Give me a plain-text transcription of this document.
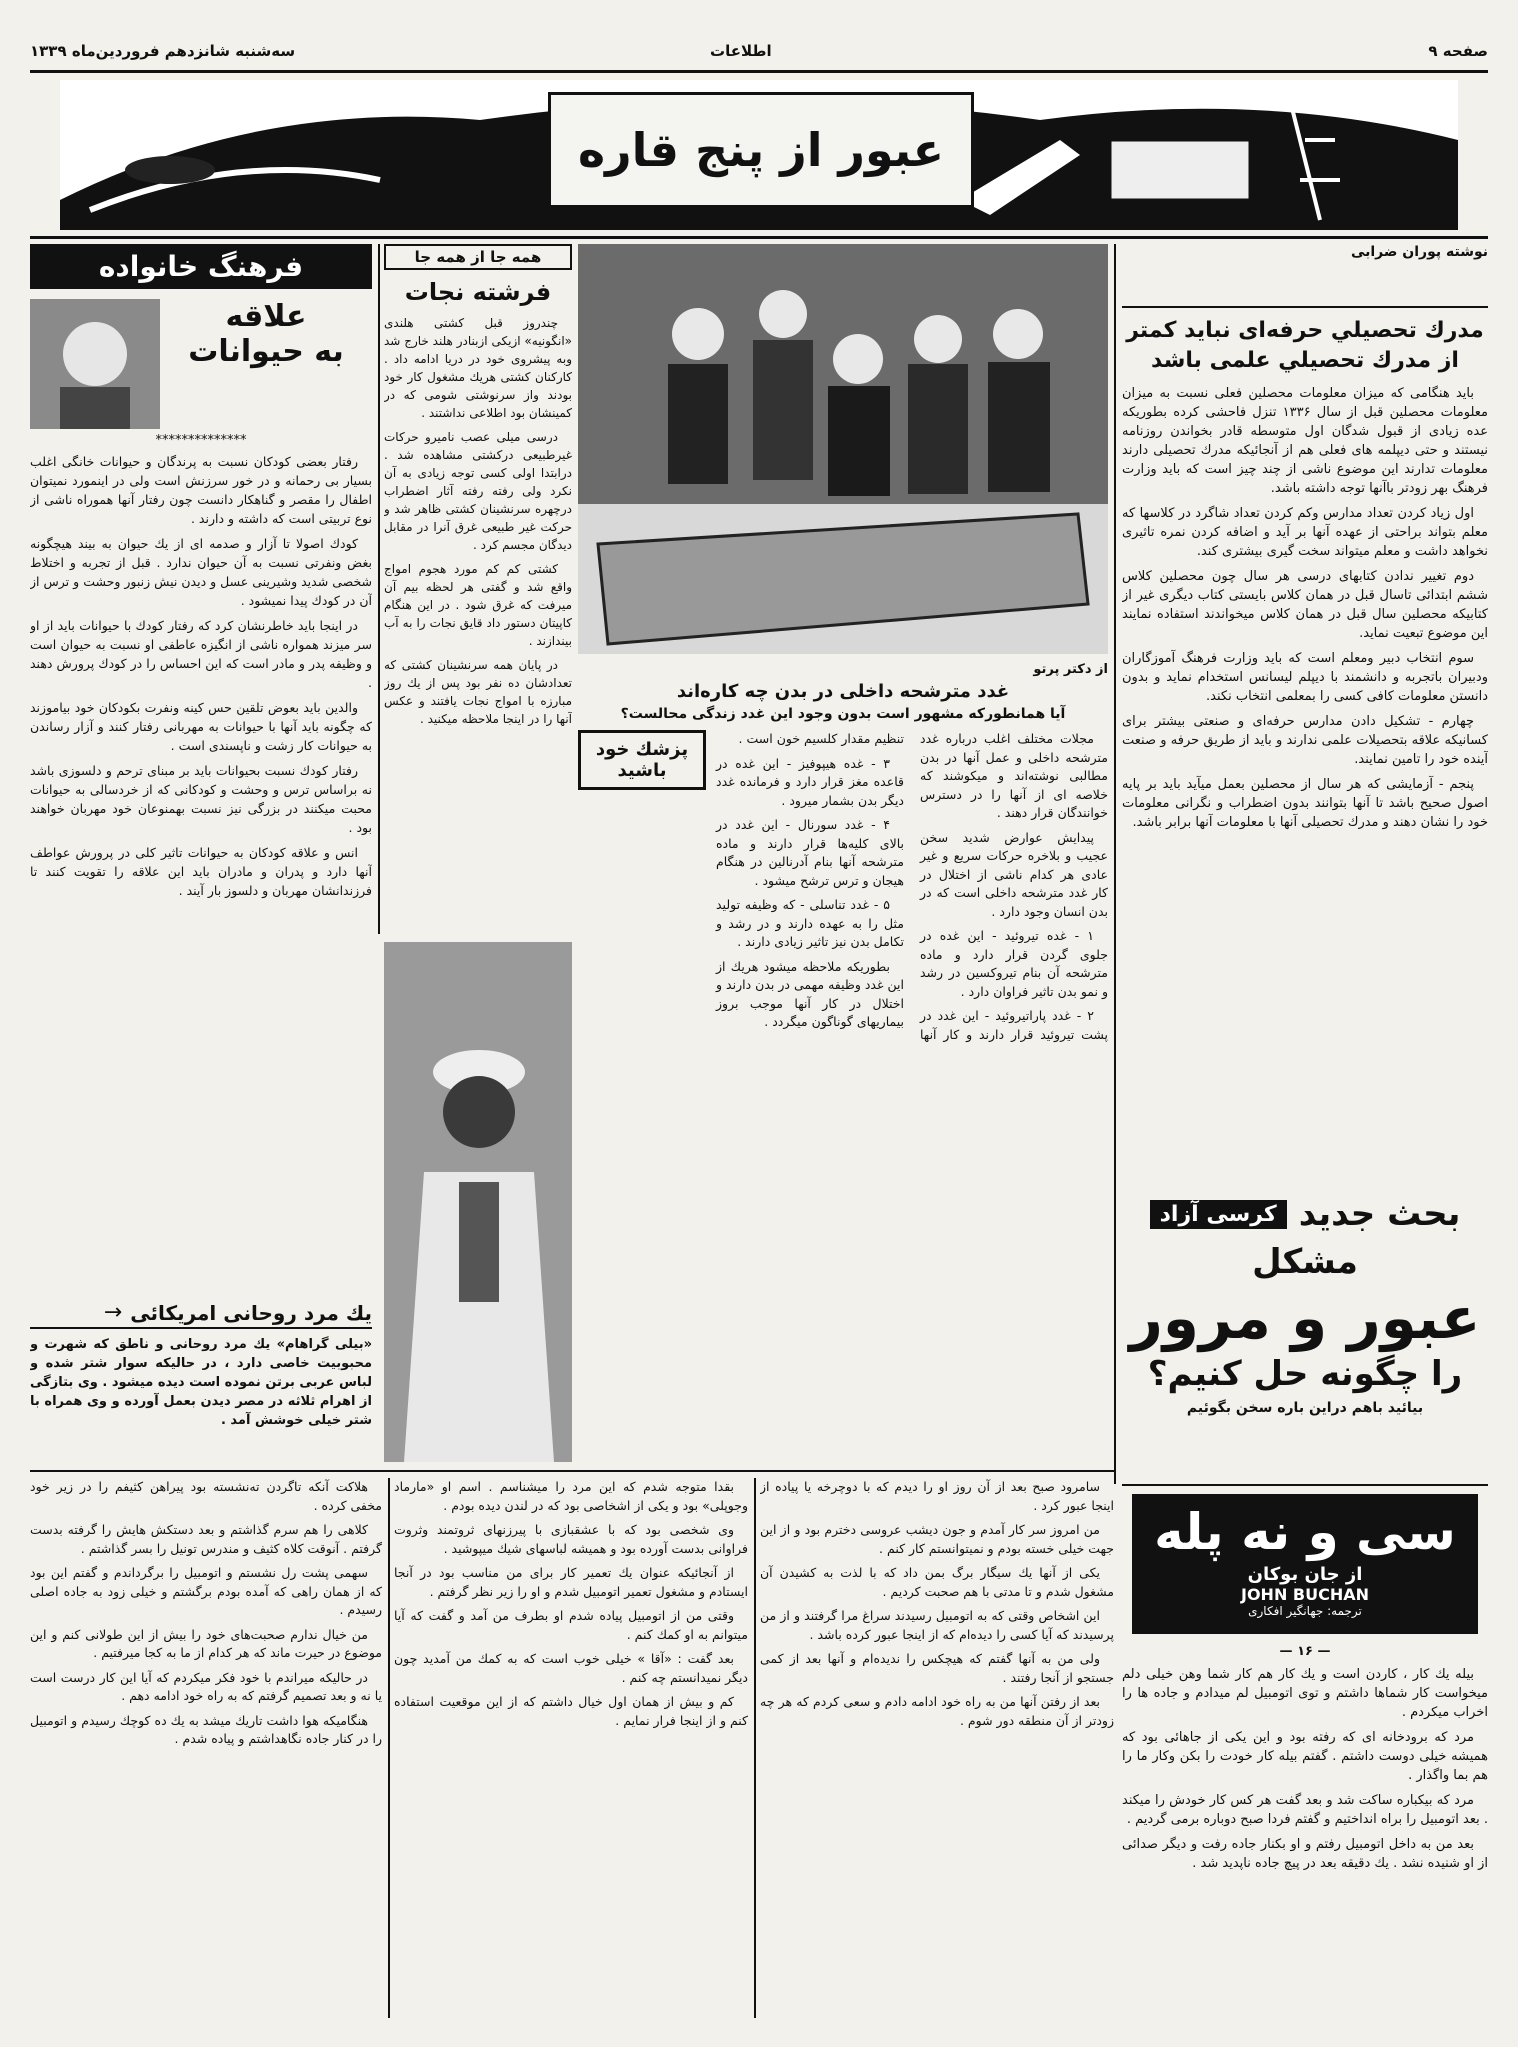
صفحه ۹
اطلاعات
سه‌شنبه شانزدهم فروردین‌ماه ۱۳۳۹
عبور از پنج قاره
نوشته پوران ضرابی
مدرك تحصيلي حرفه‌ای نبايد كمتر از مدرك تحصيلي علمی باشد

بايد هنگامی كه ميزان معلومات محصلين فعلی نسبت به ميزان معلومات محصلين قبل از سال ۱۳۳۶ تنزل فاحشی كرده بطوريكه عده زيادی از قبول شدگان اول متوسطه قادر بخواندن روزنامه نيستند و حتی ديپلمه های فعلی هم از آنجائيكه مدرك تحصيلی دارند معلومات تدارند اين موضوع ناشی از چند چيز است كه بايد وزارت فرهنگ بهر زودتر باآنها توجه داشته باشد.

اول زياد كردن تعداد مدارس وكم كردن تعداد شاگرد در كلاسها كه معلم بتواند براحتی از عهده آنها بر آيد و اضافه كردن نمره تاثيری نخواهد داشت و معلم ميتواند سخت گيری بيشتری كند.

دوم تغيير ندادن كتابهای درسی هر سال چون محصلين كلاس ششم ابتدائی تاسال قبل در همان كلاس بايستی كتاب ديگری غير از كتابيكه محصلين سال قبل در همان كلاس ميخواندند استفاده نمايند اين موضوع تبعيت نمايد.

سوم انتخاب دبير ومعلم است كه بايد وزارت فرهنگ آموزگاران ودبيران باتجربه و دانشمند با ديپلم ليسانس استخدام نمايد و بدون دانستن معلومات كافی كسی را بمعلمی انتخاب نكند.

چهارم - تشكيل دادن مدارس حرفه‌ای و صنعتی بيشتر برای كسانيكه علاقه بتحصيلات علمی ندارند و بايد از طريق حرفه و صنعت آينده خود را تامين نمايند.

پنجم - آزمايشی كه هر سال از محصلين بعمل ميآيد بايد بر پايه اصول صحيح باشد تا آنها بتوانند بدون اضطراب و نگرانی معلومات خود را نشان دهند و مدرك تحصيلی آنها با معلومات آنها برابر باشد.

بحث جديد
كرسی آزاد
مشكل
عبور و مرور
را چگونه حل كنيم؟
بيائيد باهم دراين باره سخن بگوئيم
سی و نه پله
از جان بوكان
JOHN BUCHAN
ترجمه: جهانگير افكاری
— ۱۶ —

بيله يك كار ، كاردن است و يك كار هم كار شما وهن خيلی دلم ميخواست كار شماها داشتم و توی اتومبيل لم ميدادم و جاده ها را اخراب ميكردم .

مرد كه برودخانه ای كه رفته بود و اين يكی از جاهائی بود كه هميشه خيلی دوست داشتم . گفتم بيله كار خودت را بكن وكار ما را هم بما واگذار .

مرد كه بيكباره ساكت شد و بعد گفت هر كس كار خودش را ميكند . بعد اتومبيل را براه انداختيم و گفتم فردا صبح دوباره برمی گرديم .

بعد من به داخل اتومبيل رفتم و او بكنار جاده رفت و ديگر صدائی از او شنيده نشد . يك دقيقه بعد در پيچ جاده ناپديد شد .

همه جا از همه جا
فرشته نجات

چندروز قبل كشتی هلندی «انگونيه» ازيكی ازبنادر هلند خارج شد وبه پيشروی خود در دريا ادامه داد . كاركنان كشتی هريك مشغول كار خود بودند واز سرنوشتی شومی كه در كمينشان بود اطلاعی نداشتند .

درسی ميلی عصب ناميرو حركات غيرطبيعی دركشتی مشاهده شد . درابتدا اولی كسی توجه زيادی به آن نكرد ولی رفته رفته آثار اضطراب درچهره سرنشينان كشتی ظاهر شد و حركت غير طبيعی غرق آنرا در مقابل ديدگان مجسم كرد .

كشتی كم كم مورد هجوم امواج واقع شد و گفتی هر لحظه بيم آن ميرفت كه غرق شود . در اين هنگام كاپيتان دستور داد قايق نجات را به آب بيندازند .

در پايان همه سرنشينان كشتی كه تعدادشان ده نفر بود پس از يك روز مبارزه با امواج نجات يافتند و عكس آنها را در اينجا ملاحظه ميكنيد .

فرهنگ خانواده
علاقه
به حيوانات
**************

رفتار بعضی كودكان نسبت به پرندگان و حيوانات خانگی اغلب بسيار بی رحمانه و در خور سرزنش است ولی در اينمورد نميتوان اطفال را مقصر و گناهكار دانست چون رفتار آنها هموراه ناشی از نوع تربيتی است كه داشته و دارند .

كودك اصولا تا آزار و صدمه ای از يك حيوان به بيند هيچگونه بغض ونفرتی نسبت به آن حيوان ندارد . قبل از تجربه و اختلاط شخصی شديد وشيرينی عسل و ديدن نيش زنبور وحشت و ترس از آن در كودك پيدا نميشود .

در اينجا بايد خاطرنشان كرد كه رفتار كودك با حيوانات بايد از او سر ميزند همواره ناشی از انگيزه عاطفی او نسبت به حيوان است و وظيفه پدر و مادر است كه اين احساس را در كودك پرورش دهند .

والدين بايد بعوض تلقين حس كينه ونفرت بكودكان خود بياموزند كه چگونه بايد آنها با حيوانات به مهربانی رفتار كنند و آزار رساندن به حيوانات كار زشت و ناپسندی است .

رفتار كودك نسبت بحيوانات بايد بر مبنای ترحم و دلسوزی باشد نه براساس ترس و وحشت و كودكانی كه از خردسالی به حيوانات محبت ميكنند در بزرگی نيز نسبت بهمنوعان خود مهربان خواهند بود .

انس و علاقه كودكان به حيوانات تاثير كلی در پرورش عواطف آنها دارد و پدران و مادران بايد اين علاقه را تقويت كنند تا فرزندانشان مهربان و دلسوز بار آيند .

از دكتر پرتو
غدد مترشحه داخلی در بدن چه كاره‌اند
آيا همانطوركه مشهور است بدون وجود اين غدد زندگی محالست؟
پزشك خود باشيد

مجلات مختلف اغلب درباره غدد مترشحه داخلی و عمل آنها در بدن مطالبی نوشته‌اند و ميكوشند كه خلاصه ای از آنها را در دسترس خوانندگان قرار دهند .

پيدايش عوارض شديد سخن عجيب و بلاخره حركات سريع و غير عادی هر كدام ناشی از اختلال در كار غدد مترشحه داخلی است كه در بدن انسان وجود دارد .

۱ - غده تيروئيد - اين غده در جلوی گردن قرار دارد و ماده مترشحه آن بنام تيروكسين در رشد و نمو بدن تاثير فراوان دارد .

۲ - غدد پاراتيروئيد - اين غدد در پشت تيروئيد قرار دارند و كار آنها تنظيم مقدار كلسيم خون است .

۳ - غده هيپوفيز - اين غده در قاعده مغز قرار دارد و فرمانده غدد ديگر بدن بشمار ميرود .

۴ - غدد سورنال - اين غدد در بالای كليه‌ها قرار دارند و ماده مترشحه آنها بنام آدرنالين در هنگام هيجان و ترس ترشح ميشود .

۵ - غدد تناسلی - كه وظيفه توليد مثل را به عهده دارند و در رشد و تكامل بدن نيز تاثير زيادی دارند .

بطوريكه ملاحظه ميشود هريك از اين غدد وظيفه مهمی در بدن دارند و اختلال در كار آنها موجب بروز بيماريهای گوناگون ميگردد .

يك مرد روحانی امريكائی
→
«بيلی گراهام» يك مرد روحانی و ناطق كه شهرت و محبوبيت خاصی دارد ، در حاليكه سوار شتر شده و لباس عربی برتن نموده است ديده ميشود . وی بتازگی از اهرام ثلاثه در مصر ديدن بعمل آورده و وی همراه با شتر خيلی خوشش آمد .

سامرود صبح بعد از آن روز او را ديدم كه با دوچرخه يا پياده از اينجا عبور كرد .

من امروز سر كار آمدم و جون ديشب عروسی دخترم بود و از اين جهت خيلی خسته بودم و نميتوانستم كار كنم .

يكی از آنها يك سيگار برگ بمن داد كه با لذت به كشيدن آن مشغول شدم و تا مدتی با هم صحبت كرديم .

اين اشخاص وقتی كه به اتومبيل رسيدند سراغ مرا گرفتند و از من پرسيدند كه آيا كسی را ديده‌ام كه از اينجا عبور كرده باشد .

ولی من به آنها گفتم كه هيچكس را نديده‌ام و آنها بعد از كمی جستجو از آنجا رفتند .

بعد از رفتن آنها من به راه خود ادامه دادم و سعی كردم كه هر چه زودتر از آن منطقه دور شوم .

بقدا متوجه شدم كه اين مرد را ميشناسم . اسم او «مارماد وجوپلی» بود و يكی از اشخاصی بود كه در لندن ديده بودم .

وی شخصی بود كه با عشقبازی با پيرزنهای ثروتمند وثروت فراوانی بدست آورده بود و هميشه لباسهای شيك ميپوشيد .

از آنجائيكه عنوان يك تعمير كار برای من مناسب بود در آنجا ايستادم و مشغول تعمير اتومبيل شدم و او را زير نظر گرفتم .

وقتی من از اتومبيل پياده شدم او بطرف من آمد و گفت كه آيا ميتوانم به او كمك كنم .

بعد گفت : «آقا » خيلی خوب است كه به كمك من آمديد چون ديگر نميدانستم چه كنم .

كم و بيش از همان اول خيال داشتم كه از اين موقعيت استفاده كنم و از اينجا فرار نمايم .

هلاكت آنكه تاگردن ته‌نشسته بود پيراهن كثيفم را در زير خود مخفی كرده .

كلاهی را هم سرم گذاشتم و بعد دستكش هايش را گرفته بدست گرفتم . آنوقت كلاه كثيف و مندرس تونيل را بسر گذاشتم .

سهمی پشت رل نشستم و اتومبيل را برگرداندم و گفتم اين بود كه از همان راهی كه آمده بودم برگشتم و خيلی زود به جاده اصلی رسيدم .

من خيال ندارم صحبت‌های خود را بيش از اين طولانی كنم و اين موضوع در حيرت ماند كه هر كدام از ما به كجا ميرفتيم .

در حاليكه ميراندم با خود فكر ميكردم كه آيا اين كار درست است يا نه و بعد تصميم گرفتم كه به راه خود ادامه دهم .

هنگاميكه هوا داشت تاريك ميشد به يك ده كوچك رسيدم و اتومبيل را در كنار جاده نگاهداشتم و پياده شدم .
